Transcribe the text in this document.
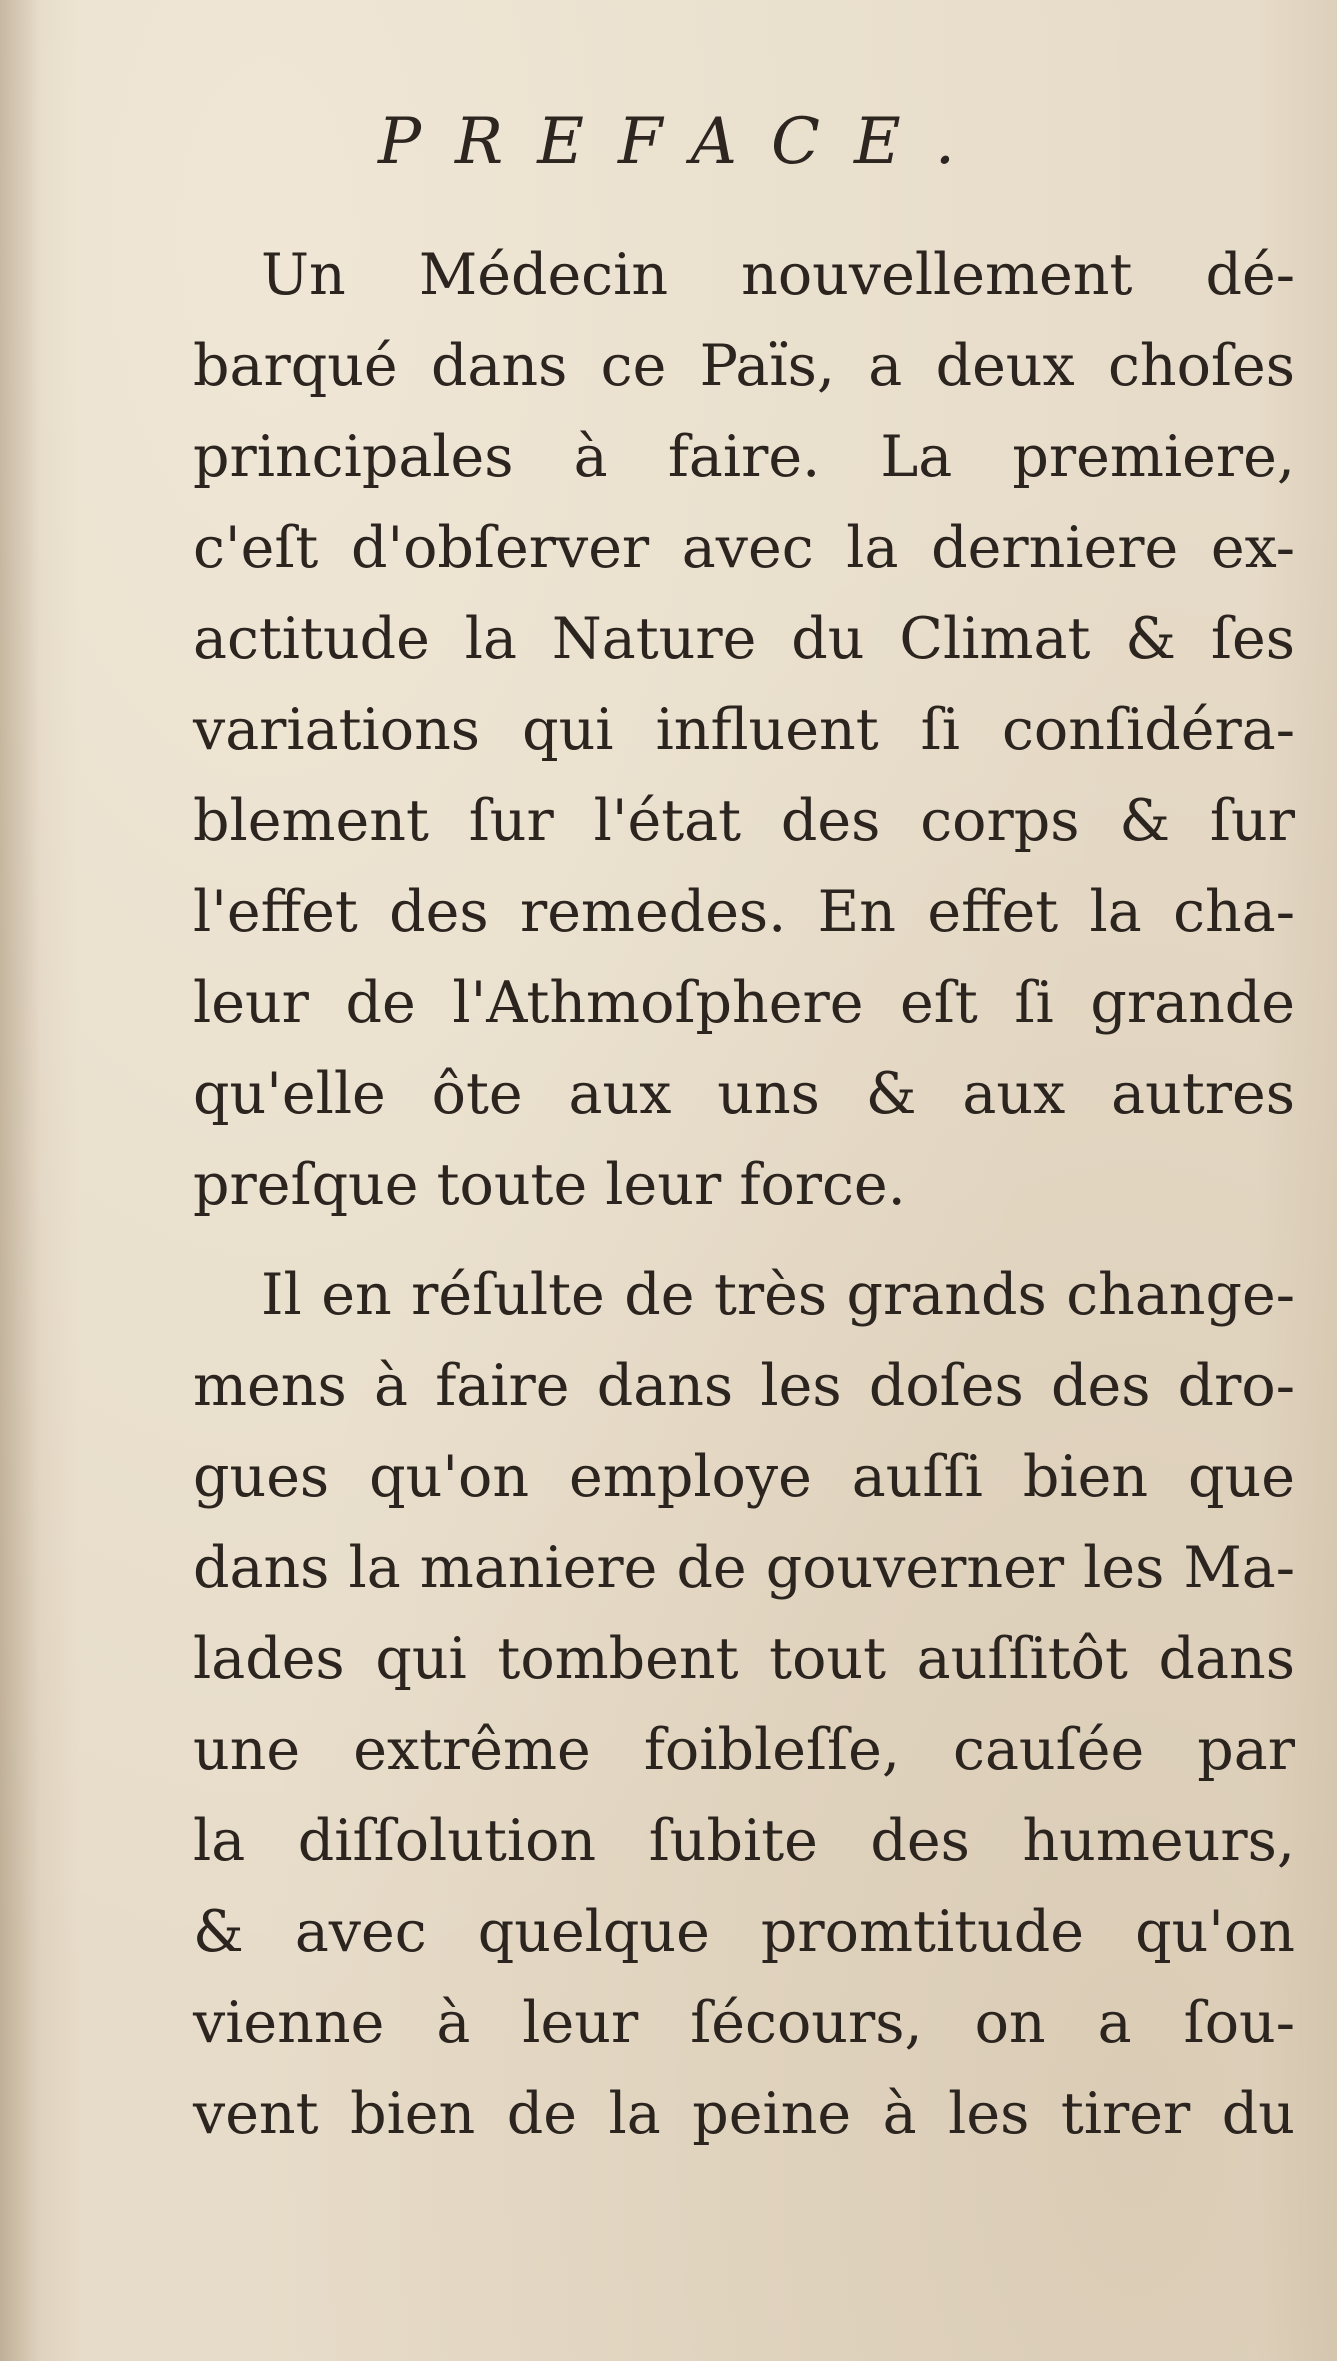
PREFACE.
Un Médecin nouvellement dé-
barqué dans ce Païs, a deux choſes
principales à faire. La premiere,
c'eſt d'obſerver avec la derniere ex-
actitude la Nature du Climat & ſes
variations qui influent ſi conſidéra-
blement ſur l'état des corps & ſur
l'effet des remedes. En effet la cha-
leur de l'Athmoſphere eſt ſi grande
qu'elle ôte aux uns & aux autres
preſque toute leur force.
Il en réſulte de très grands change-
mens à faire dans les doſes des dro-
gues qu'on employe auſſi bien que
dans la maniere de gouverner les Ma-
lades qui tombent tout auſſitôt dans
une extrême foibleſſe, cauſée par
la diſſolution ſubite des humeurs,
& avec quelque promtitude qu'on
vienne à leur ſécours, on a ſou-
vent bien de la peine à les tirer du
